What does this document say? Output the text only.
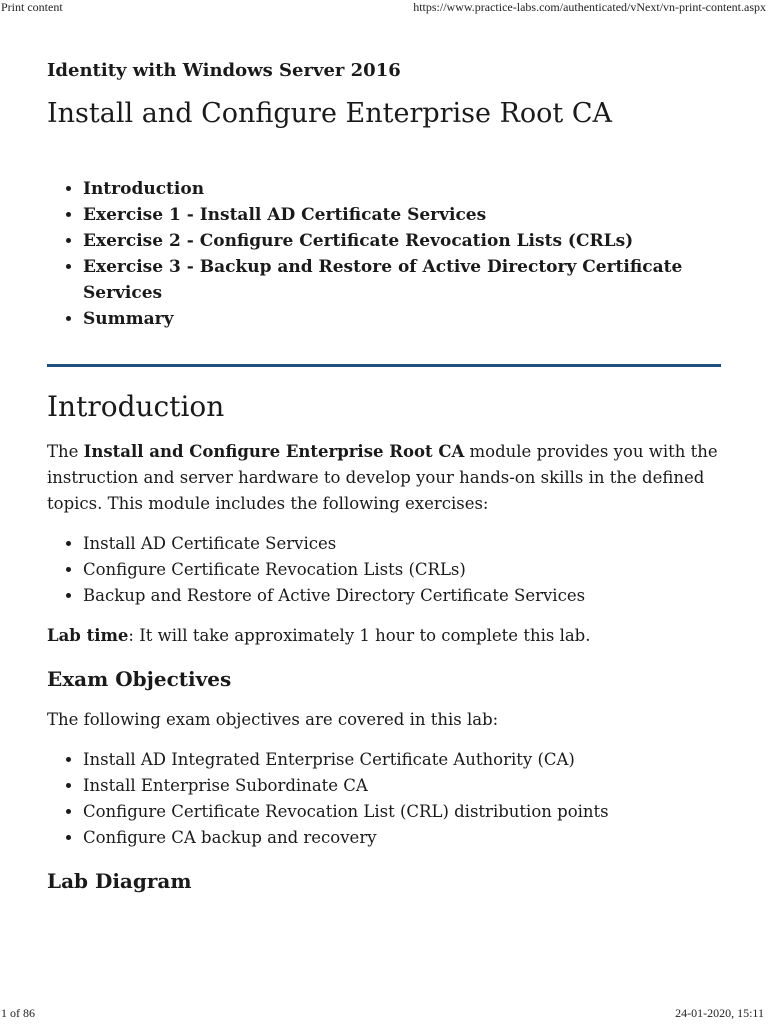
Print content	https://www.practice-labs.com/authenticated/vNext/vn-print-content.aspx
Identity with Windows Server 2016
Install and Configure Enterprise Root CA
• Introduction
• Exercise 1 - Install AD Certificate Services
• Exercise 2 - Configure Certificate Revocation Lists (CRLs)
• Exercise 3 - Backup and Restore of Active Directory Certificate Services
• Summary
Introduction

The Install and Configure Enterprise Root CA module provides you with the instruction and server hardware to develop your hands-on skills in the defined topics. This module includes the following exercises:

• Install AD Certificate Services
• Configure Certificate Revocation Lists (CRLs)
• Backup and Restore of Active Directory Certificate Services

Lab time: It will take approximately 1 hour to complete this lab.

Exam Objectives

The following exam objectives are covered in this lab:

• Install AD Integrated Enterprise Certificate Authority (CA)
• Install Enterprise Subordinate CA
• Configure Certificate Revocation List (CRL) distribution points
• Configure CA backup and recovery
Lab Diagram
1 of 86	24-01-2020, 15:11
